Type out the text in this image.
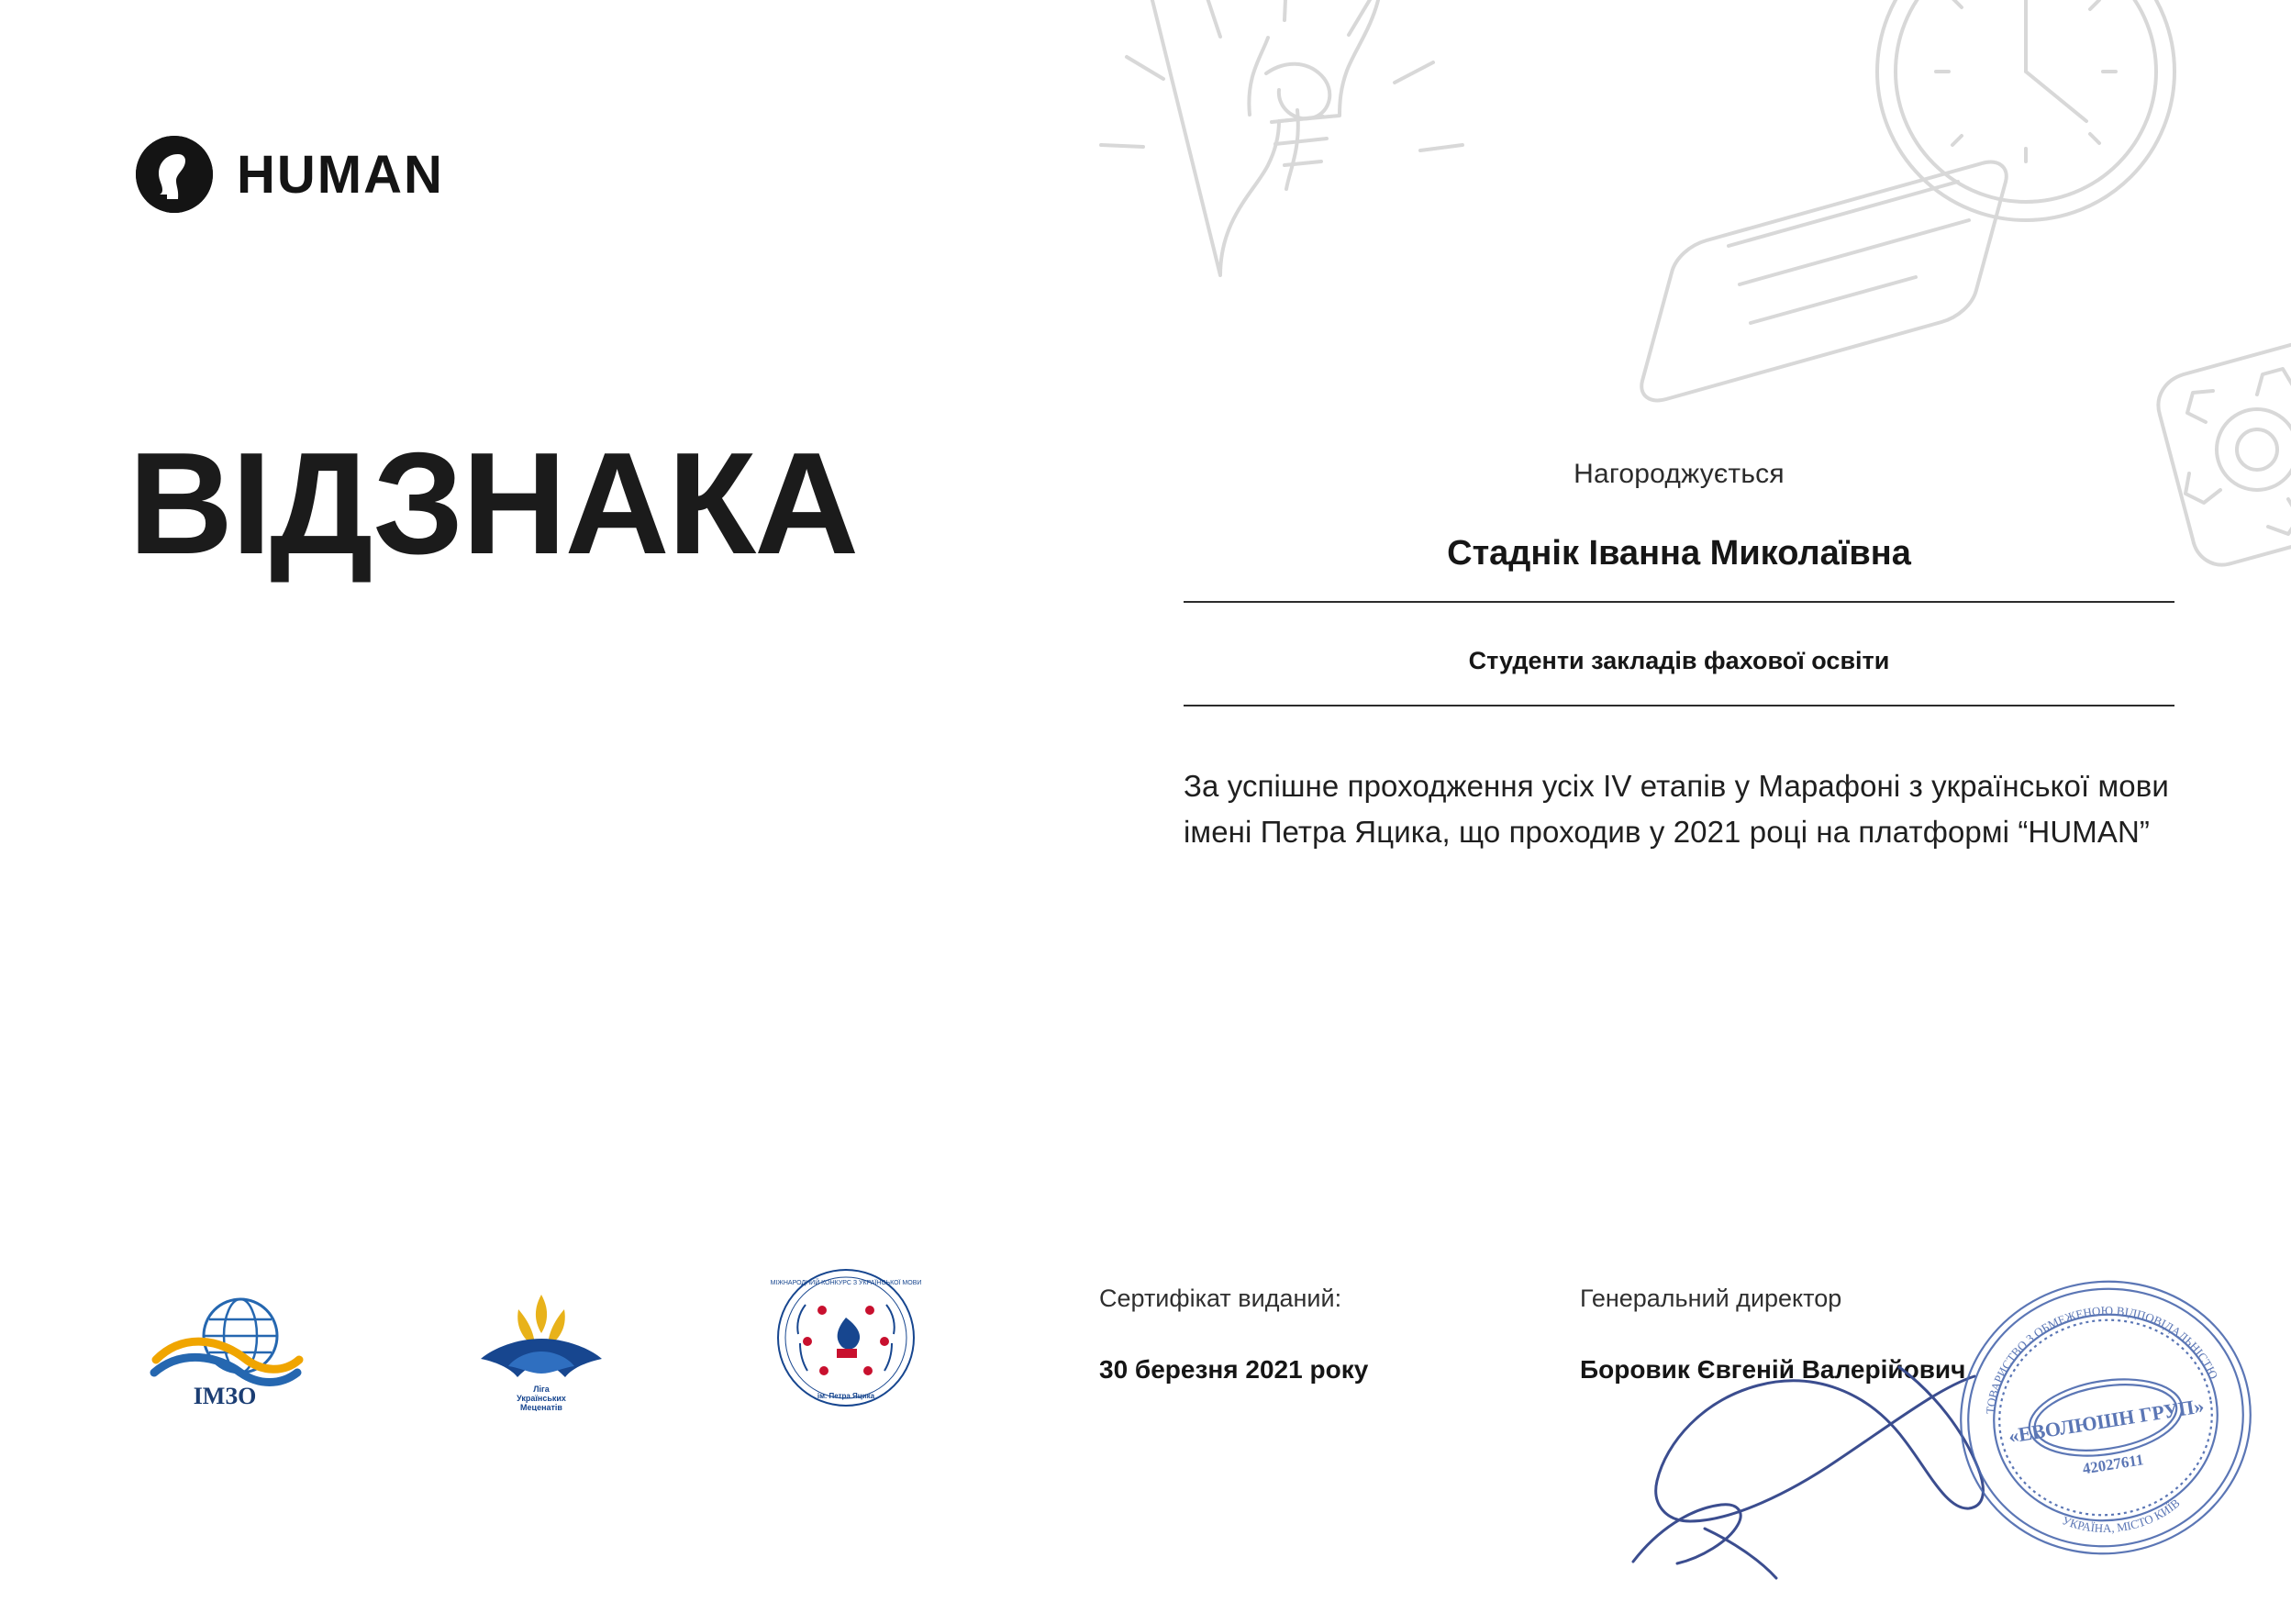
HUMAN
ВІДЗНАКА	Нагороджується
Стаднік Іванна Миколаївна
Студенти закладів фахової освіти
За успішне проходження усіх IV етапів у Марафоні з української мови імені Петра Яцика, що проходив у 2021 році на платформі “HUMAN”
ІМЗО	Ліга
Українських
Меценатів
ім. Петра Яцика
МІЖНАРОДНИЙ КОНКУРС З УКРАЇНСЬКОЇ МОВИ
Сертифікат виданий:
30 березня 2021 року
Генеральний директор
Боровик Євгеній Валерійович
«ЕВОЛЮШН ГРУП»
42027611
ТОВАРИСТВО З ОБМЕЖЕНОЮ ВІДПОВІДАЛЬНІСТЮ
УКРАЇНА, МІСТО КИЇВ
